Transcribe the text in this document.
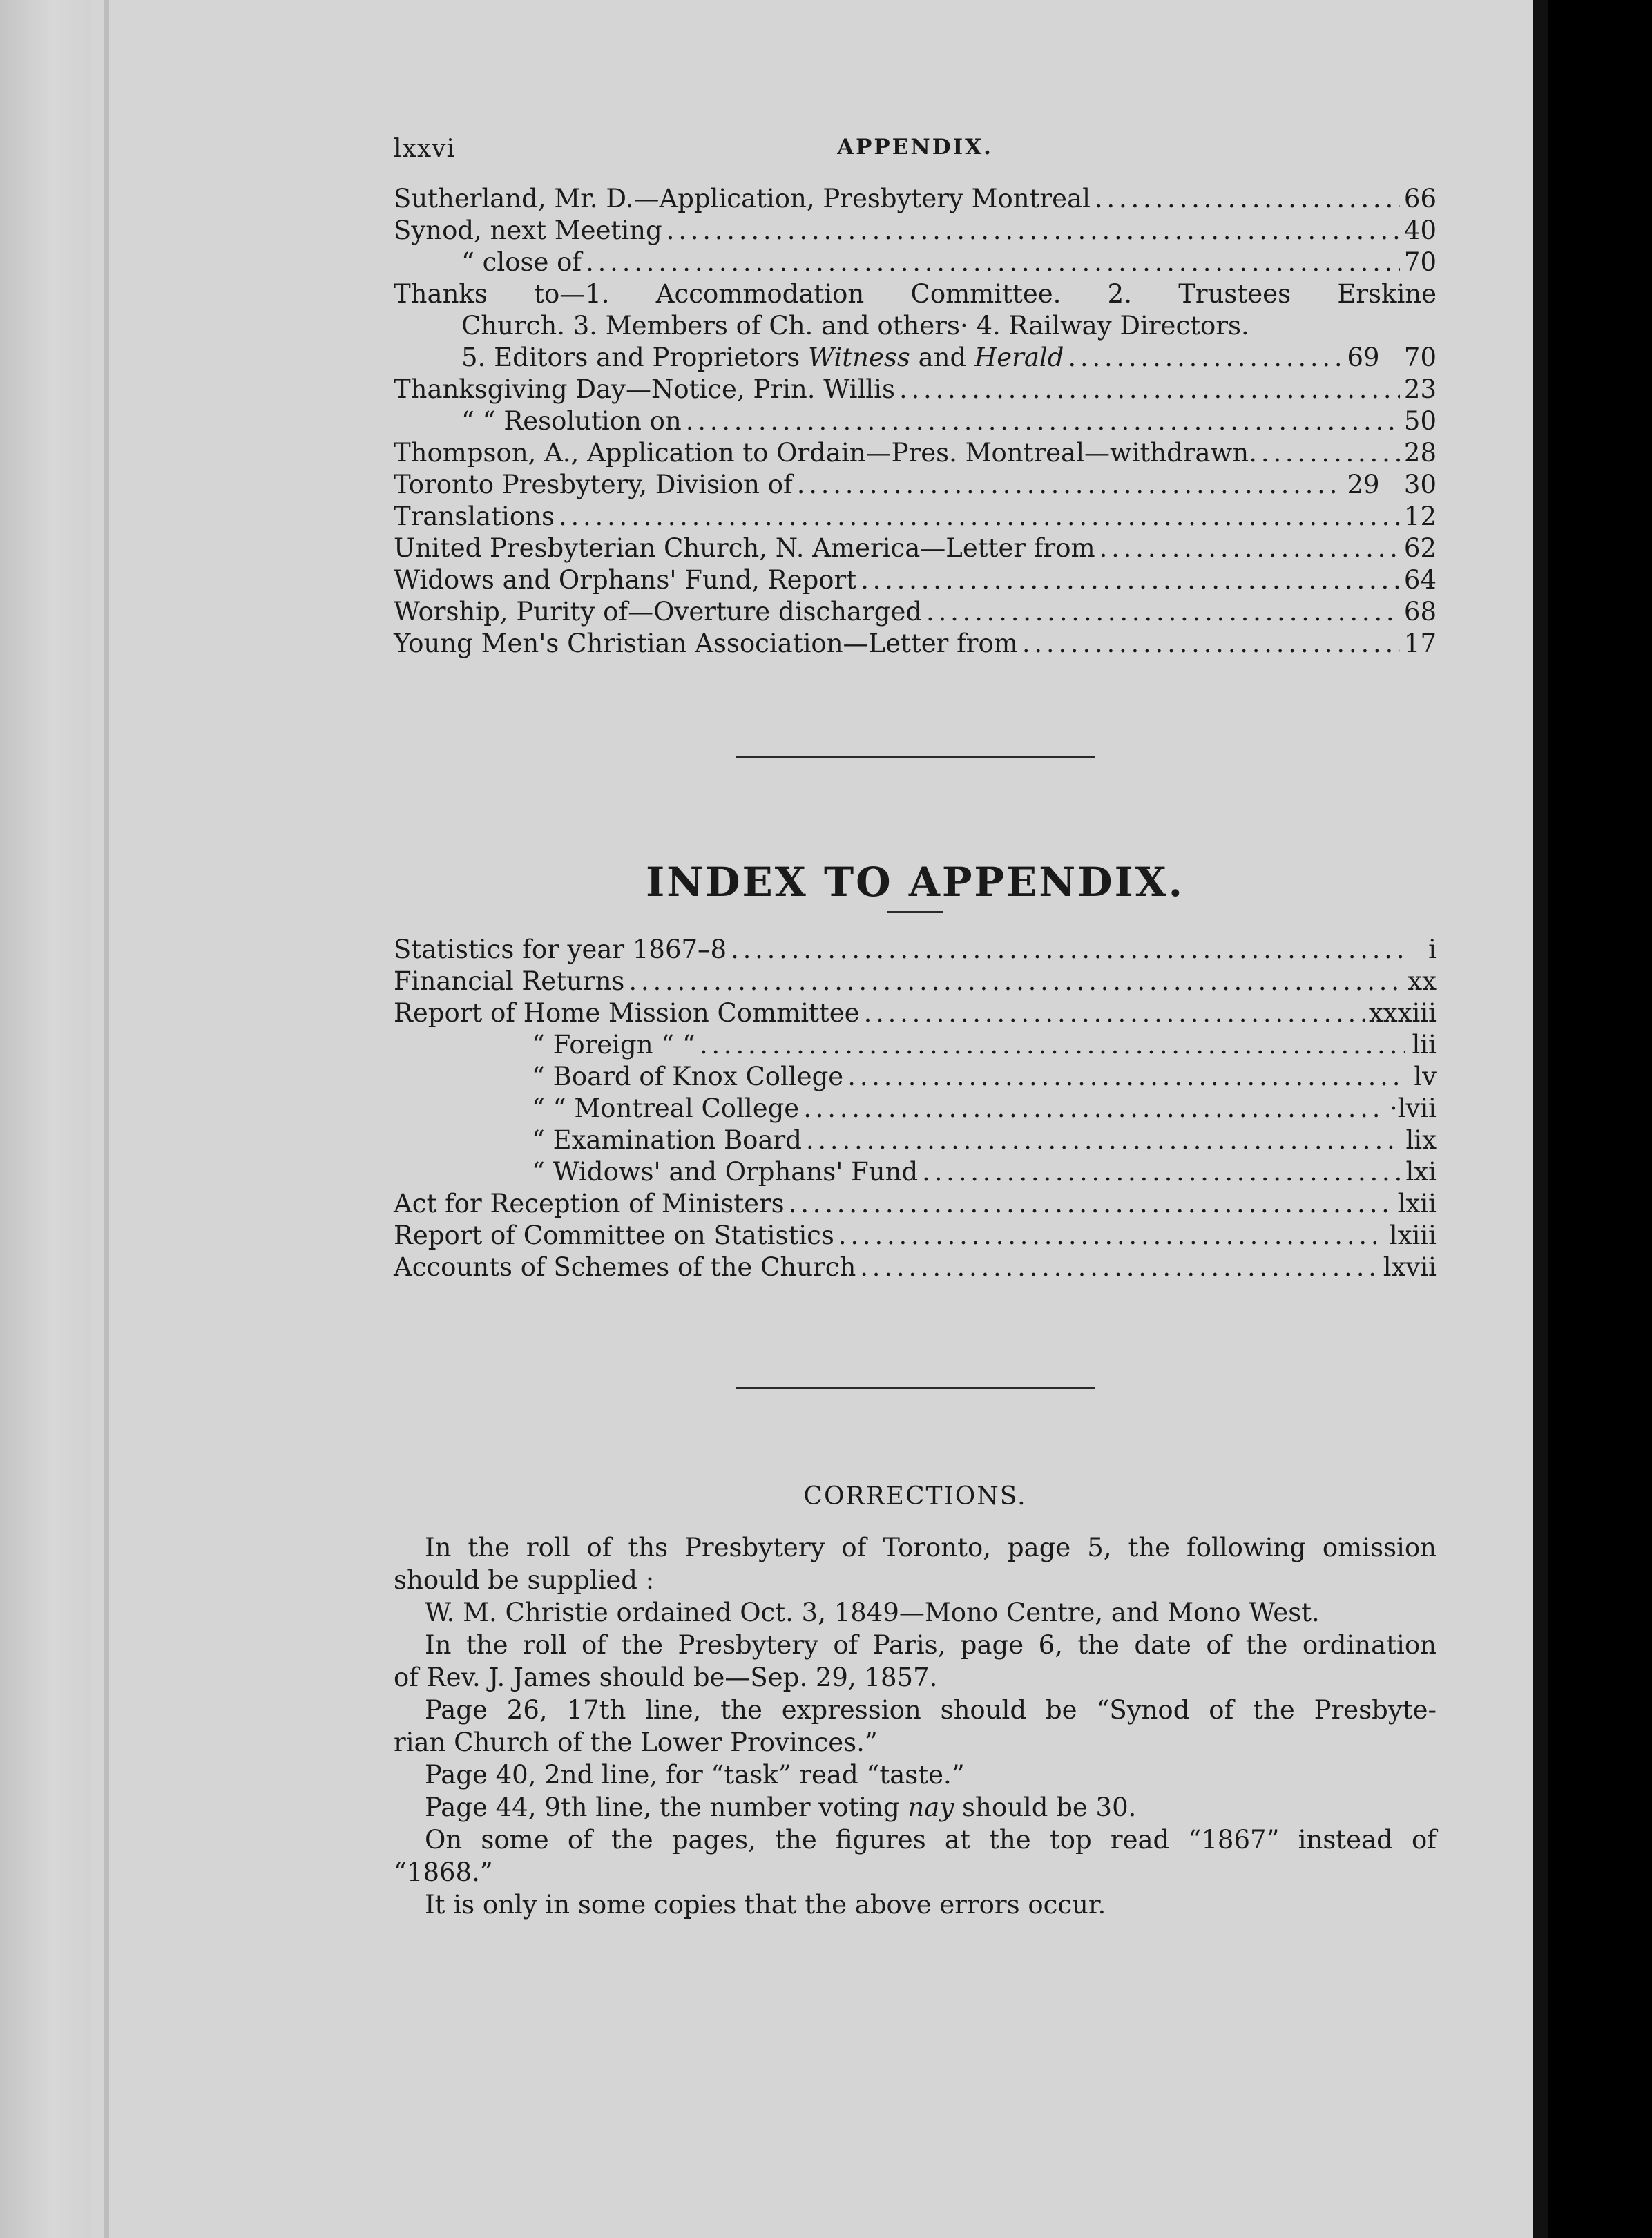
lxxvi	APPENDIX.
Sutherland, Mr. D.—Application, Presbytery Montreal . . .	66
Synod, next Meeting . . .	40
“ close of . . .	70
Thanks to—1. Accommodation Committee. 2. Trustees Erskine
Church. 3. Members of Ch. and others· 4. Railway Directors.
5. Editors and Proprietors Witness and Herald . . .	69 70
Thanksgiving Day—Notice, Prin. Willis . . .	23
“ “ Resolution on . . .	50
Thompson, A., Application to Ordain—Pres. Montreal—withdrawn. . . .	28
Toronto Presbytery, Division of . . .	29 30
Translations . . .	12
United Presbyterian Church, N. America—Letter from . . .	62
Widows and Orphans' Fund, Report . . .	64
Worship, Purity of—Overture discharged . . .	68
Young Men's Christian Association—Letter from . . .	17
INDEX TO APPENDIX.
Statistics for year 1867–8 . . .	i
Financial Returns . . .	xx
Report of Home Mission Committee . . .	xxxiii
“ Foreign “ “ . . .	lii
“ Board of Knox College . . .	lv
“ “ Montreal College . . .	·lvii
“ Examination Board . . .	lix
“ Widows' and Orphans' Fund . . .	lxi
Act for Reception of Ministers . . .	lxii
Report of Committee on Statistics . . .	lxiii
Accounts of Schemes of the Church . . .	lxvii
CORRECTIONS.
In the roll of ths Presbytery of Toronto, page 5, the following omission
should be supplied :
W. M. Christie ordained Oct. 3, 1849—Mono Centre, and Mono West.
In the roll of the Presbytery of Paris, page 6, the date of the ordination
of Rev. J. James should be—Sep. 29, 1857.
Page 26, 17th line, the expression should be “Synod of the Presbyte-
rian Church of the Lower Provinces.”
Page 40, 2nd line, for “task” read “taste.”
Page 44, 9th line, the number voting nay should be 30.
On some of the pages, the figures at the top read “1867” instead of
“1868.”
It is only in some copies that the above errors occur.
